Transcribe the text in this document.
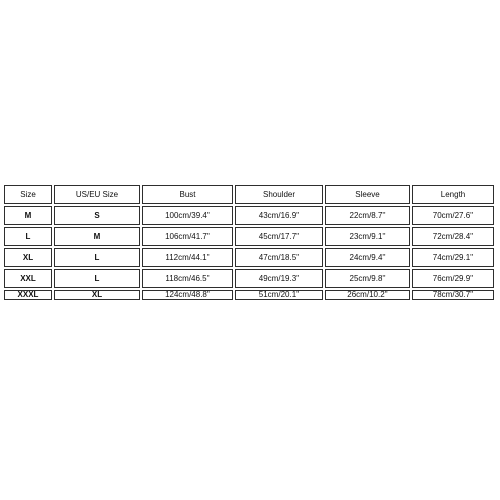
Size	US/EU Size	Bust	Shoulder	Sleeve	Length
M	S	100cm/39.4''	43cm/16.9''	22cm/8.7''	70cm/27.6''
L	M	106cm/41.7''	45cm/17.7''	23cm/9.1''	72cm/28.4''
XL	L	112cm/44.1''	47cm/18.5''	24cm/9.4''	74cm/29.1''
XXL	L	118cm/46.5''	49cm/19.3''	25cm/9.8''	76cm/29.9''
XXXL	XL	124cm/48.8''	51cm/20.1''	26cm/10.2''	78cm/30.7''
